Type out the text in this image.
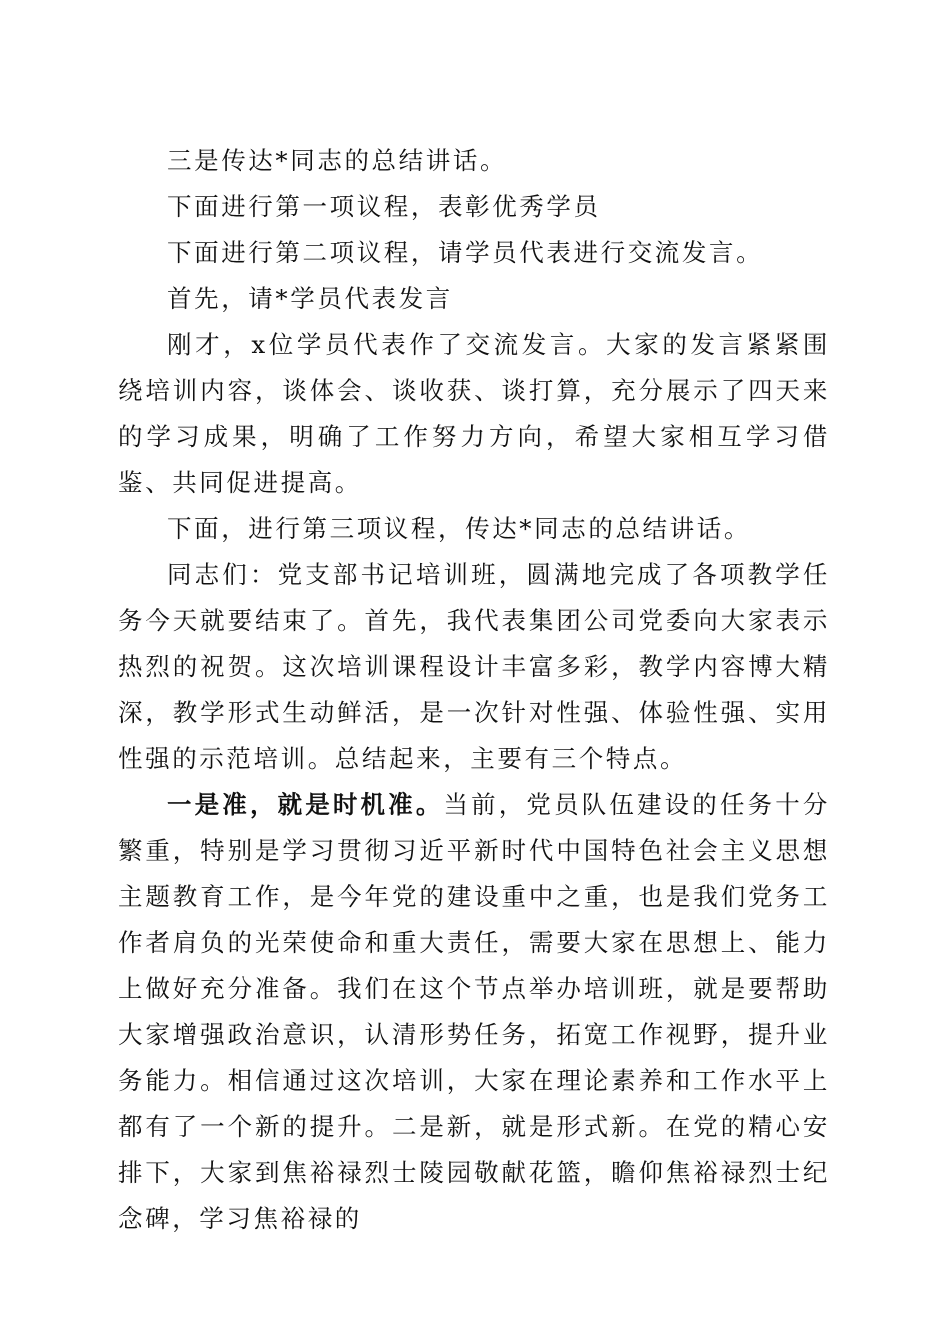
三是传达*同志的总结讲话。

下面进行第一项议程，表彰优秀学员

下面进行第二项议程，请学员代表进行交流发言。

首先，请*学员代表发言

刚才，x位学员代表作了交流发言。大家的发言紧紧围绕培训内容，谈体会、谈收获、谈打算，充分展示了四天来的学习成果，明确了工作努力方向，希望大家相互学习借鉴、共同促进提高。

下面，进行第三项议程，传达*同志的总结讲话。

同志们：党支部书记培训班，圆满地完成了各项教学任务今天就要结束了。首先，我代表集团公司党委向大家表示热烈的祝贺。这次培训课程设计丰富多彩，教学内容博大精深，教学形式生动鲜活，是一次针对性强、体验性强、实用性强的示范培训。总结起来，主要有三个特点。

一是准，就是时机准。当前，党员队伍建设的任务十分繁重，特别是学习贯彻习近平新时代中国特色社会主义思想主题教育工作，是今年党的建设重中之重，也是我们党务工作者肩负的光荣使命和重大责任，需要大家在思想上、能力上做好充分准备。我们在这个节点举办培训班，就是要帮助大家增强政治意识，认清形势任务，拓宽工作视野，提升业务能力。相信通过这次培训，大家在理论素养和工作水平上都有了一个新的提升。二是新，就是形式新。在党的精心安排下，大家到焦裕禄烈士陵园敬献花篮，瞻仰焦裕禄烈士纪念碑，学习焦裕禄的
